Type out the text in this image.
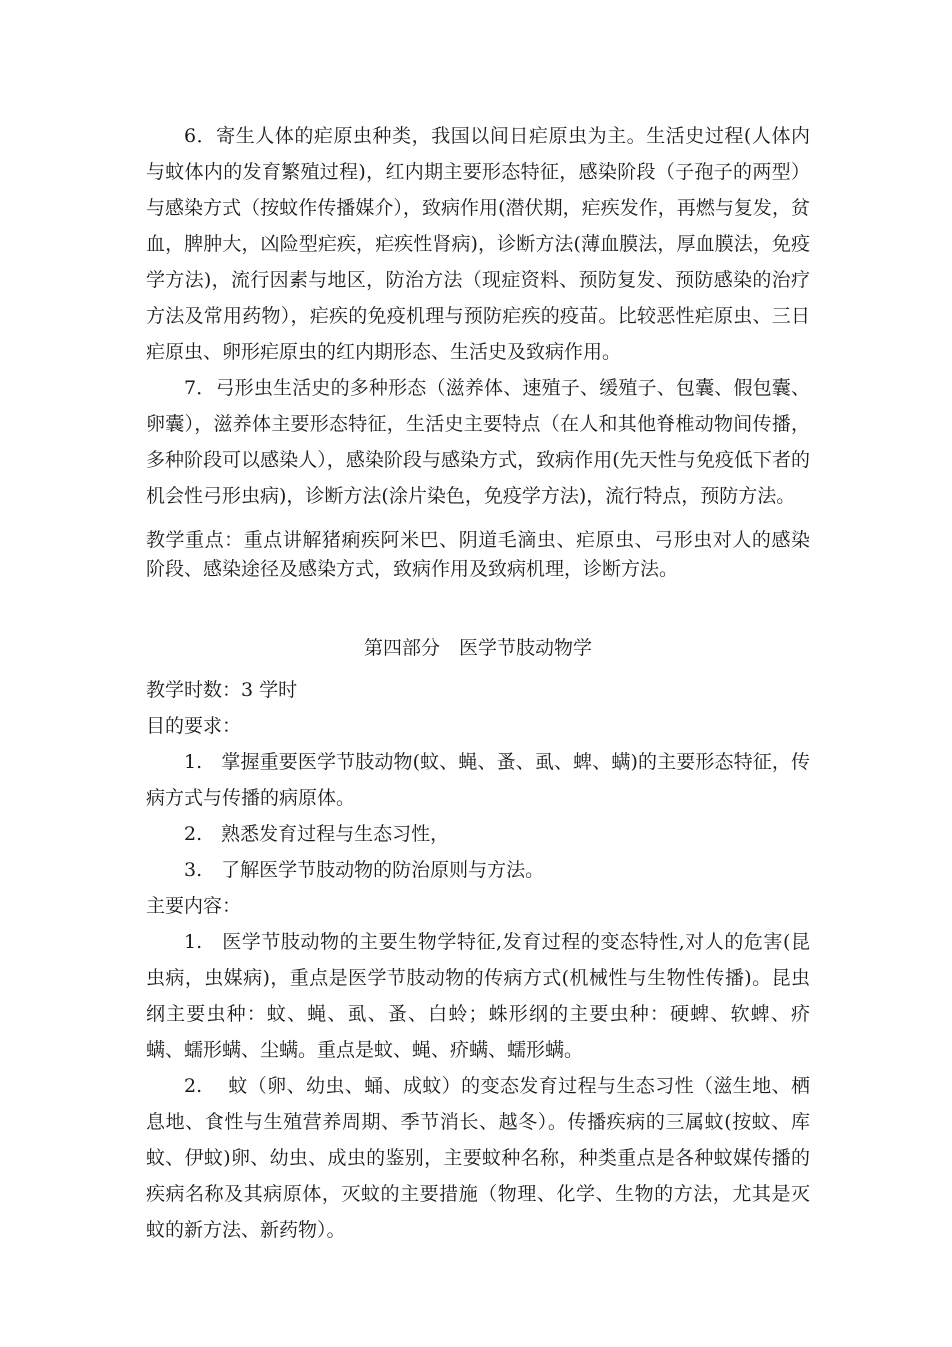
6．寄生人体的疟原虫种类，我国以间日疟原虫为主。生活史过程(人体内与蚊体内的发育繁殖过程)，红内期主要形态特征，感染阶段（子孢子的两型）与感染方式（按蚊作传播媒介），致病作用(潜伏期，疟疾发作，再燃与复发，贫血，脾肿大，凶险型疟疾，疟疾性肾病)，诊断方法(薄血膜法，厚血膜法，免疫学方法)，流行因素与地区，防治方法（现症资料、预防复发、预防感染的治疗方法及常用药物），疟疾的免疫机理与预防疟疾的疫苗。比较恶性疟原虫、三日疟原虫、卵形疟原虫的红内期形态、生活史及致病作用。

7．弓形虫生活史的多种形态（滋养体、速殖子、缓殖子、包囊、假包囊、卵囊），滋养体主要形态特征，生活史主要特点（在人和其他脊椎动物间传播，多种阶段可以感染人），感染阶段与感染方式，致病作用(先天性与免疫低下者的机会性弓形虫病)，诊断方法(涂片染色，免疫学方法)，流行特点，预防方法。

教学重点：重点讲解猪痢疾阿米巴、阴道毛滴虫、疟原虫、弓形虫对人的感染阶段、感染途径及感染方式，致病作用及致病机理，诊断方法。

第四部分　医学节肢动物学

教学时数：3 学时

目的要求：

1.　掌握重要医学节肢动物(蚊、蝇、蚤、虱、蜱、螨)的主要形态特征，传病方式与传播的病原体。

2.　熟悉发育过程与生态习性，

3.　了解医学节肢动物的防治原则与方法。

主要内容：

1.　医学节肢动物的主要生物学特征,发育过程的变态特性,对人的危害(昆虫病，虫媒病)，重点是医学节肢动物的传病方式(机械性与生物性传播)。昆虫纲主要虫种：蚊、蝇、虱、蚤、白蛉；蛛形纲的主要虫种：硬蜱、软蜱、疥螨、蠕形螨、尘螨。重点是蚊、蝇、疥螨、蠕形螨。

2.　 蚊（卵、幼虫、蛹、成蚊）的变态发育过程与生态习性（滋生地、栖息地、食性与生殖营养周期、季节消长、越冬）。传播疾病的三属蚊(按蚊、库蚊、伊蚊)卵、幼虫、成虫的鉴别，主要蚊种名称，种类重点是各种蚊媒传播的疾病名称及其病原体，灭蚊的主要措施（物理、化学、生物的方法，尤其是灭蚊的新方法、新药物）。
